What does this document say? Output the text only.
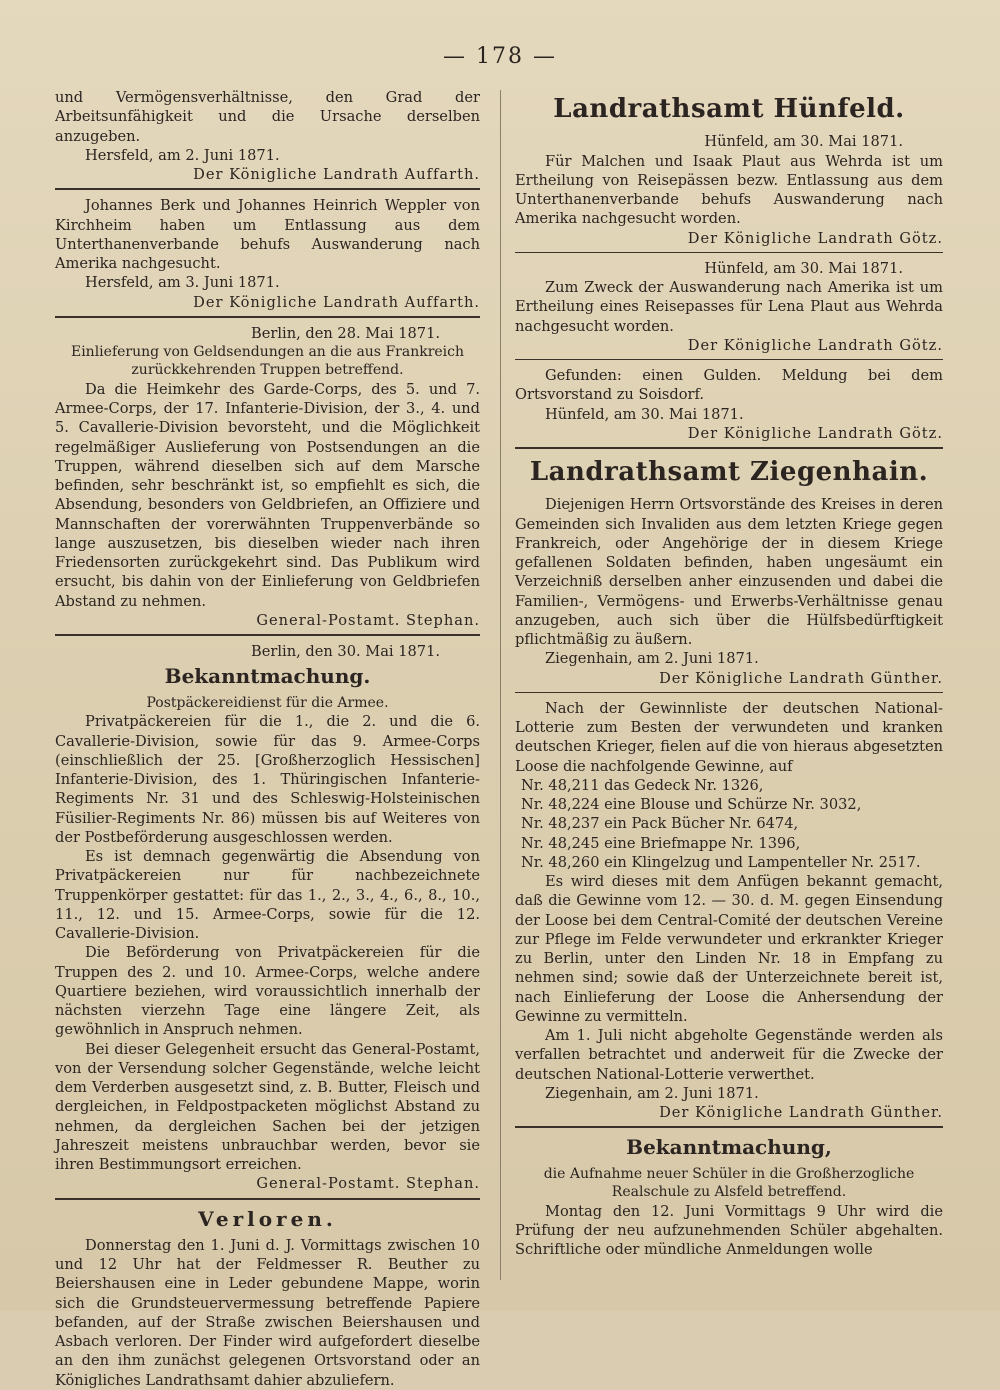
— 178 —

und Vermögensverhältnisse, den Grad der Arbeitsunfähigkeit und die Ursache derselben anzugeben.

Hersfeld, am 2. Juni 1871.

Der Königliche Landrath Auffarth.

Johannes Berk und Johannes Heinrich Weppler von Kirchheim haben um Entlassung aus dem Unterthanenverbande behufs Auswanderung nach Amerika nachgesucht.

Hersfeld, am 3. Juni 1871.

Der Königliche Landrath Auffarth.

Berlin, den 28. Mai 1871.

Einlieferung von Geldsendungen an die aus Frankreich zurückkehrenden Truppen betreffend.

Da die Heimkehr des Garde-Corps, des 5. und 7. Armee-Corps, der 17. Infanterie-Division, der 3., 4. und 5. Cavallerie-Division bevorsteht, und die Möglichkeit regelmäßiger Auslieferung von Postsendungen an die Truppen, während dieselben sich auf dem Marsche befinden, sehr beschränkt ist, so empfiehlt es sich, die Absendung, besonders von Geldbriefen, an Offiziere und Mannschaften der vorerwähnten Truppenverbände so lange auszusetzen, bis dieselben wieder nach ihren Friedensorten zurückgekehrt sind. Das Publikum wird ersucht, bis dahin von der Einlieferung von Geldbriefen Abstand zu nehmen.

General-Postamt. Stephan.

Berlin, den 30. Mai 1871.

Bekanntmachung.

Postpäckereidienst für die Armee.

Privatpäckereien für die 1., die 2. und die 6. Cavallerie-Division, sowie für das 9. Armee-Corps (einschließlich der 25. [Großherzoglich Hessischen] Infanterie-Division, des 1. Thüringischen Infanterie-Regiments Nr. 31 und des Schleswig-Holsteinischen Füsilier-Regiments Nr. 86) müssen bis auf Weiteres von der Postbeförderung ausgeschlossen werden.

Es ist demnach gegenwärtig die Absendung von Privatpäckereien nur für nachbezeichnete Truppenkörper gestattet: für das 1., 2., 3., 4., 6., 8., 10., 11., 12. und 15. Armee-Corps, sowie für die 12. Cavallerie-Division.

Die Beförderung von Privatpäckereien für die Truppen des 2. und 10. Armee-Corps, welche andere Quartiere beziehen, wird voraussichtlich innerhalb der nächsten vierzehn Tage eine längere Zeit, als gewöhnlich in Anspruch nehmen.

Bei dieser Gelegenheit ersucht das General-Postamt, von der Versendung solcher Gegenstände, welche leicht dem Verderben ausgesetzt sind, z. B. Butter, Fleisch und dergleichen, in Feldpostpacketen möglichst Abstand zu nehmen, da dergleichen Sachen bei der jetzigen Jahreszeit meistens unbrauchbar werden, bevor sie ihren Bestimmungsort erreichen.

General-Postamt. Stephan.

Verloren.

Donnerstag den 1. Juni d. J. Vormittags zwischen 10 und 12 Uhr hat der Feldmesser R. Beuther zu Beiershausen eine in Leder gebundene Mappe, worin sich die Grundsteuervermessung betreffende Papiere befanden, auf der Straße zwischen Beiershausen und Asbach verloren. Der Finder wird aufgefordert dieselbe an den ihm zunächst gelegenen Ortsvorstand oder an Königliches Landrathsamt dahier abzuliefern.

Landrathsamt Hünfeld.

Hünfeld, am 30. Mai 1871.

Für Malchen und Isaak Plaut aus Wehrda ist um Ertheilung von Reisepässen bezw. Entlassung aus dem Unterthanenverbande behufs Auswanderung nach Amerika nachgesucht worden.

Der Königliche Landrath Götz.

Hünfeld, am 30. Mai 1871.

Zum Zweck der Auswanderung nach Amerika ist um Ertheilung eines Reisepasses für Lena Plaut aus Wehrda nachgesucht worden.

Der Königliche Landrath Götz.

Gefunden: einen Gulden. Meldung bei dem Ortsvorstand zu Soisdorf.

Hünfeld, am 30. Mai 1871.

Der Königliche Landrath Götz.

Landrathsamt Ziegenhain.

Diejenigen Herrn Ortsvorstände des Kreises in deren Gemeinden sich Invaliden aus dem letzten Kriege gegen Frankreich, oder Angehörige der in diesem Kriege gefallenen Soldaten befinden, haben ungesäumt ein Verzeichniß derselben anher einzusenden und dabei die Familien-, Vermögens- und Erwerbs-Verhältnisse genau anzugeben, auch sich über die Hülfsbedürftigkeit pflichtmäßig zu äußern.

Ziegenhain, am 2. Juni 1871.

Der Königliche Landrath Günther.

Nach der Gewinnliste der deutschen National-Lotterie zum Besten der verwundeten und kranken deutschen Krieger, fielen auf die von hieraus abgesetzten Loose die nachfolgende Gewinne, auf

Nr. 48,211 das Gedeck Nr. 1326,

Nr. 48,224 eine Blouse und Schürze Nr. 3032,

Nr. 48,237 ein Pack Bücher Nr. 6474,

Nr. 48,245 eine Briefmappe Nr. 1396,

Nr. 48,260 ein Klingelzug und Lampenteller Nr. 2517.

Es wird dieses mit dem Anfügen bekannt gemacht, daß die Gewinne vom 12. — 30. d. M. gegen Einsendung der Loose bei dem Central-Comité der deutschen Vereine zur Pflege im Felde verwundeter und erkrankter Krieger zu Berlin, unter den Linden Nr. 18 in Empfang zu nehmen sind; sowie daß der Unterzeichnete bereit ist, nach Einlieferung der Loose die Anhersendung der Gewinne zu vermitteln.

Am 1. Juli nicht abgeholte Gegenstände werden als verfallen betrachtet und anderweit für die Zwecke der deutschen National-Lotterie verwerthet.

Ziegenhain, am 2. Juni 1871.

Der Königliche Landrath Günther.

Bekanntmachung,

die Aufnahme neuer Schüler in die Großherzogliche Realschule zu Alsfeld betreffend.

Montag den 12. Juni Vormittags 9 Uhr wird die Prüfung der neu aufzunehmenden Schüler abgehalten. Schriftliche oder mündliche Anmeldungen wolle
